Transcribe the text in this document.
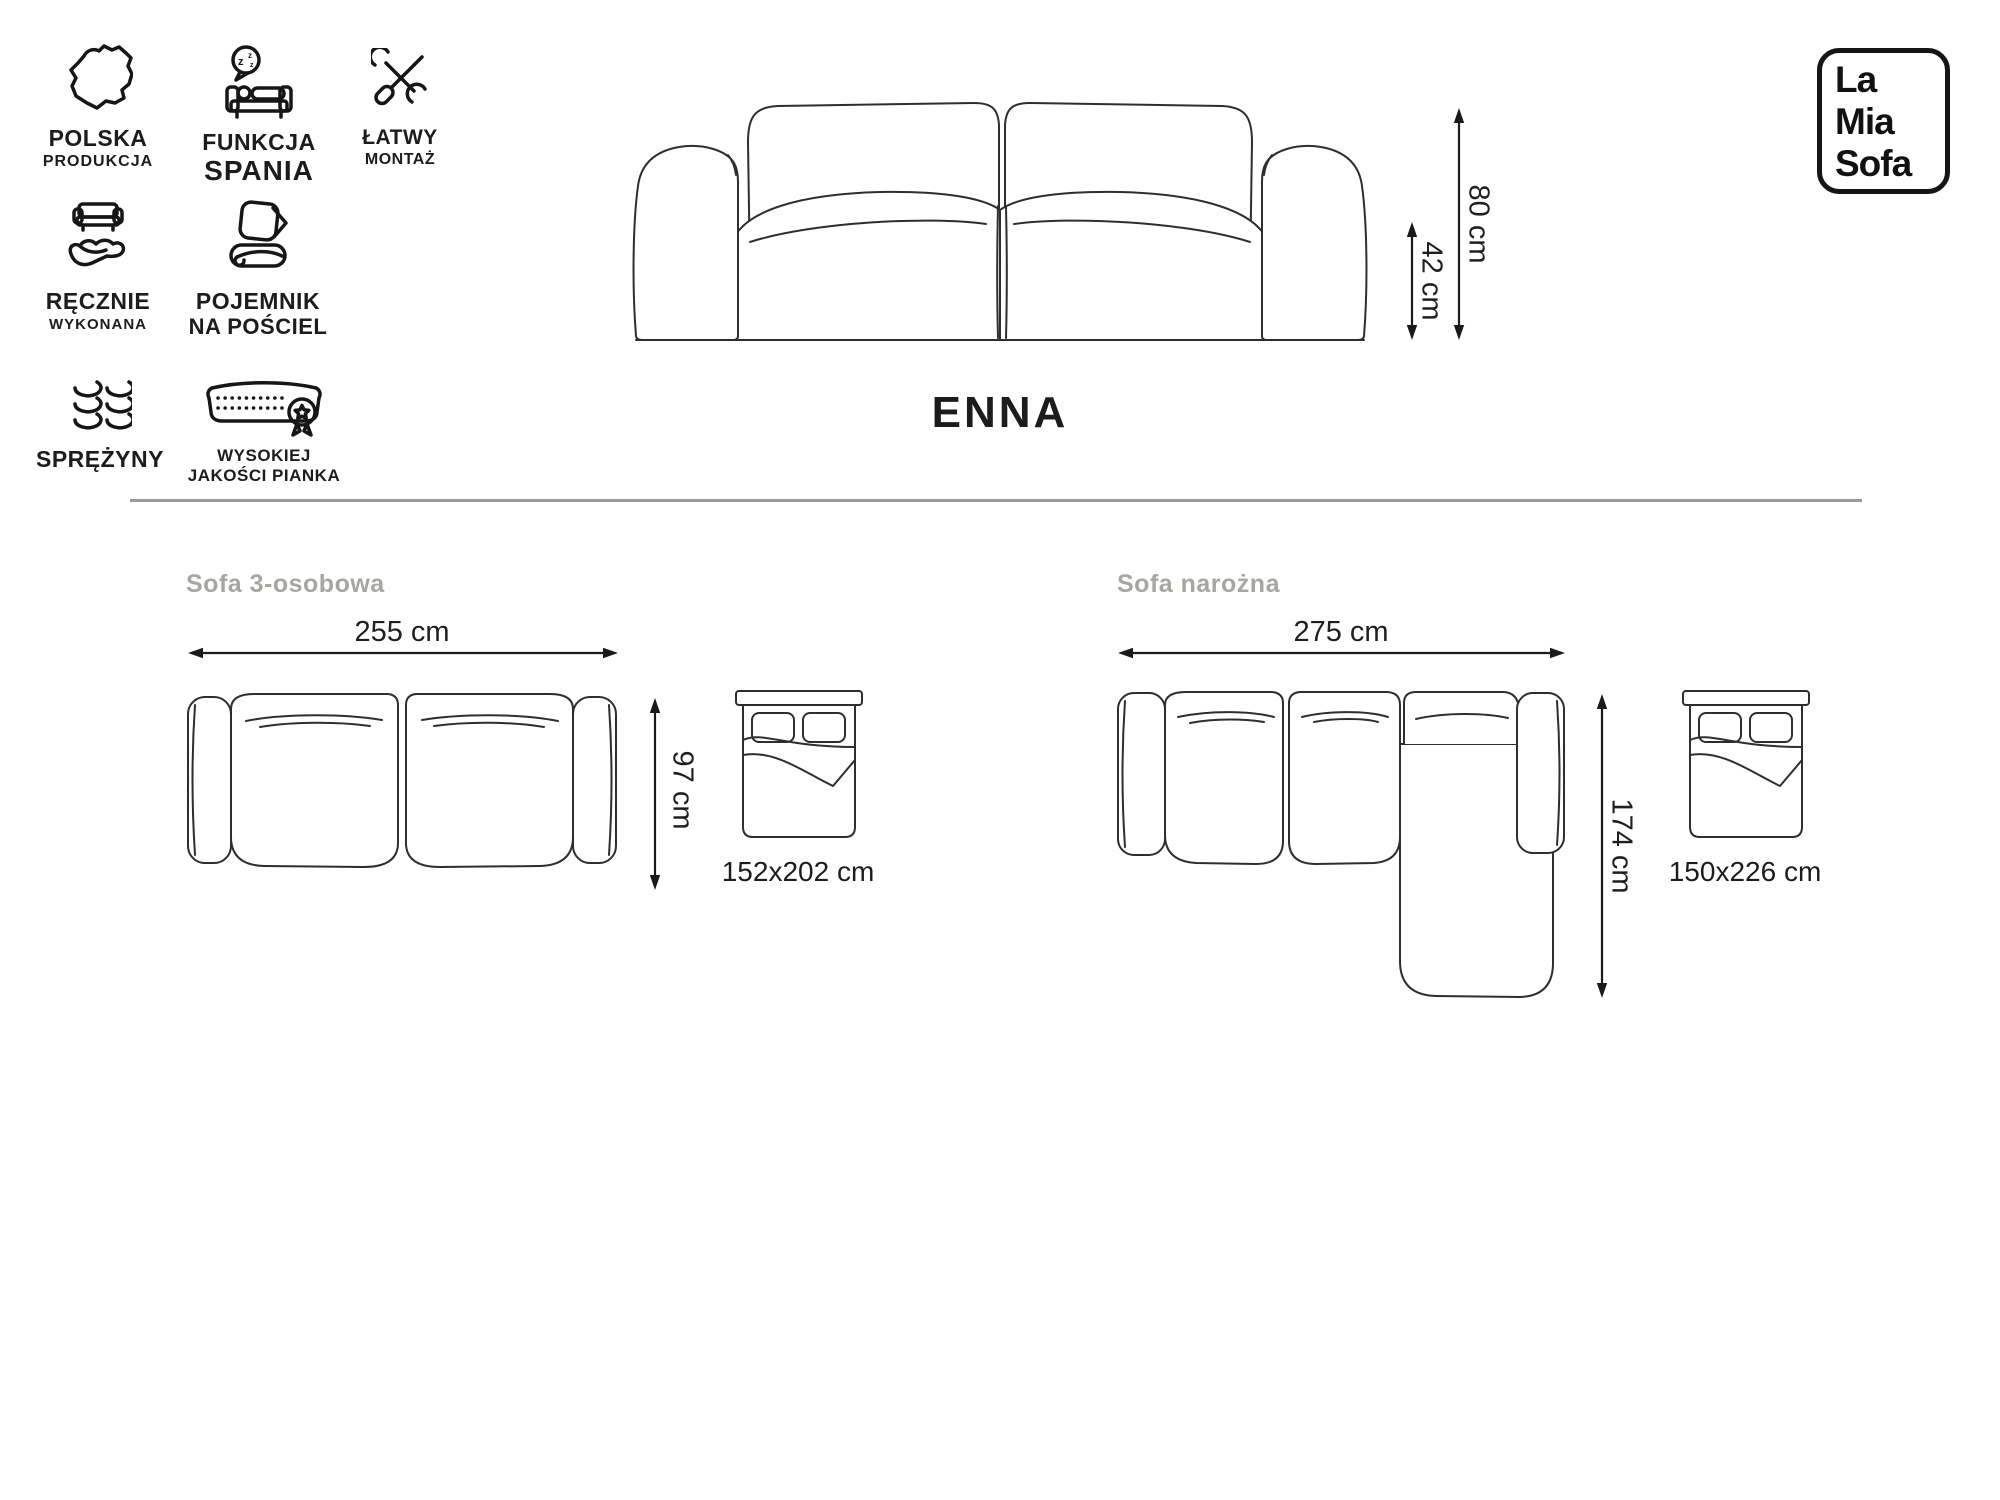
POLSKA
PRODUKCJA
z
z
z
FUNKCJA
SPANIA
ŁATWY
MONTAŻ
RĘCZNIE
WYKONANA
POJEMNIK
NA POŚCIEL
SPRĘŻYNY	WYSOKIEJ
JAKOŚCI PIANKA
La
Mia
Sofa
80 cm
42 cm
ENNA
Sofa 3-osobowa
255 cm
97 cm
152x202 cm
Sofa narożna
275 cm
174 cm 150x226 cm
